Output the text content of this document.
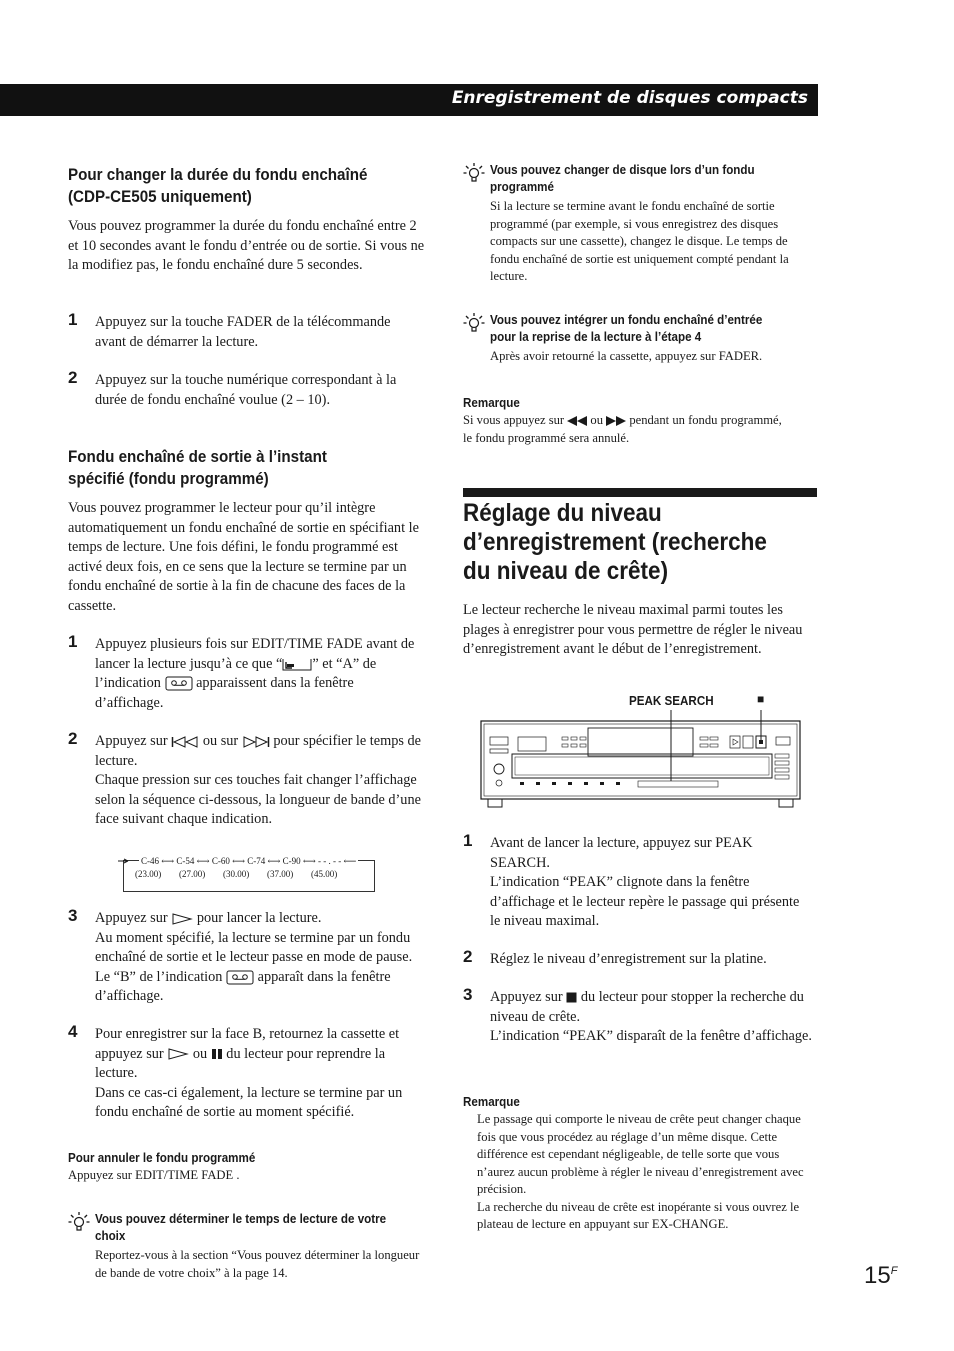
Enregistrement de disques compacts
Pour changer la durée du fondu enchaîné
(CDP-CE505 uniquement)
Vous pouvez programmer la durée du fondu enchaîné entre 2 et 10 secondes avant le fondu d’entrée ou de sortie. Si vous ne la modifiez pas, le fondu enchaîné dure 5 secondes.
1 Appuyez sur la touche FADER de la télécommande avant de démarrer la lecture.
2 Appuyez sur la touche numérique correspondant à la durée de fondu enchaîné voulue (2 – 10).
Fondu enchaîné de sortie à l’instant
spécifié (fondu programmé)
Vous pouvez programmer le lecteur pour qu’il intègre automatiquement un fondu enchaîné de sortie en spécifiant le temps de lecture. Une fois défini, le fondu programmé est activé deux fois, en ce sens que la lecture se termine par un fondu enchaîné de sortie à la fin de chacune des faces de la cassette.
1 Appuyez plusieurs fois sur EDIT/TIME FADE avant de lancer la lecture jusqu’à ce que “ ” et “A” de l’indication apparaissent dans la fenêtre d’affichage.
2 Appuyez sur ou sur pour spécifier le temps de lecture.
Chaque pression sur ces touches fait changer l’affichage selon la séquence ci-dessous, la longueur de bande d’une face suivant chaque indication.
C-46 ⟷ C-54 ⟷ C-60 ⟷ C-74 ⟷ C-90 ⟷ - - . - - ⟵
(23.00) (27.00) (30.00) (37.00) (45.00)
3 Appuyez sur pour lancer la lecture.
Au moment spécifié, la lecture se termine par un fondu enchaîné de sortie et le lecteur passe en mode de pause. Le “B” de l’indication apparaît dans la fenêtre d’affichage.
4 Pour enregistrer sur la face B, retournez la cassette et appuyez sur ou du lecteur pour reprendre la lecture.
Dans ce cas-ci également, la lecture se termine par un fondu enchaîné de sortie au moment spécifié.
Pour annuler le fondu programmé
Appuyez sur EDIT/TIME FADE .
Vous pouvez déterminer le temps de lecture de votre
choix
Reportez-vous à la section “Vous pouvez déterminer la longueur de bande de votre choix” à la page 14.
Vous pouvez changer de disque lors d’un fondu
programmé
Si la lecture se termine avant le fondu enchaîné de sortie programmé (par exemple, si vous enregistrez des disques compacts sur une cassette), changez le disque. Le temps de fondu enchaîné de sortie est uniquement compté pendant la lecture.
Vous pouvez intégrer un fondu enchaîné d’entrée
pour la reprise de la lecture à l’étape 4
Après avoir retourné la cassette, appuyez sur FADER.
Remarque
Si vous appuyez sur ou pendant un fondu programmé, le fondu programmé sera annulé.
Réglage du niveau
d’enregistrement (recherche
du niveau de crête)
Le lecteur recherche le niveau maximal parmi toutes les plages à enregistrer pour vous permettre de régler le niveau d’enregistrement avant le début de l’enregistrement.
PEAK SEARCH	■
1 Avant de lancer la lecture, appuyez sur PEAK SEARCH.
L’indication “PEAK” clignote dans la fenêtre d’affichage et le lecteur repère le passage qui présente le niveau maximal.
2 Réglez le niveau d’enregistrement sur la platine.
3 Appuyez sur du lecteur pour stopper la recherche du niveau de crête.
L’indication “PEAK” disparaît de la fenêtre d’affichage.
Remarque
Le passage qui comporte le niveau de crête peut changer chaque fois que vous procédez au réglage d’un même disque. Cette différence est cependant négligeable, de telle sorte que vous n’aurez aucun problème à régler le niveau d’enregistrement avec précision.
La recherche du niveau de crête est inopérante si vous ouvrez le plateau de lecture en appuyant sur EX-CHANGE.
$15^F$
